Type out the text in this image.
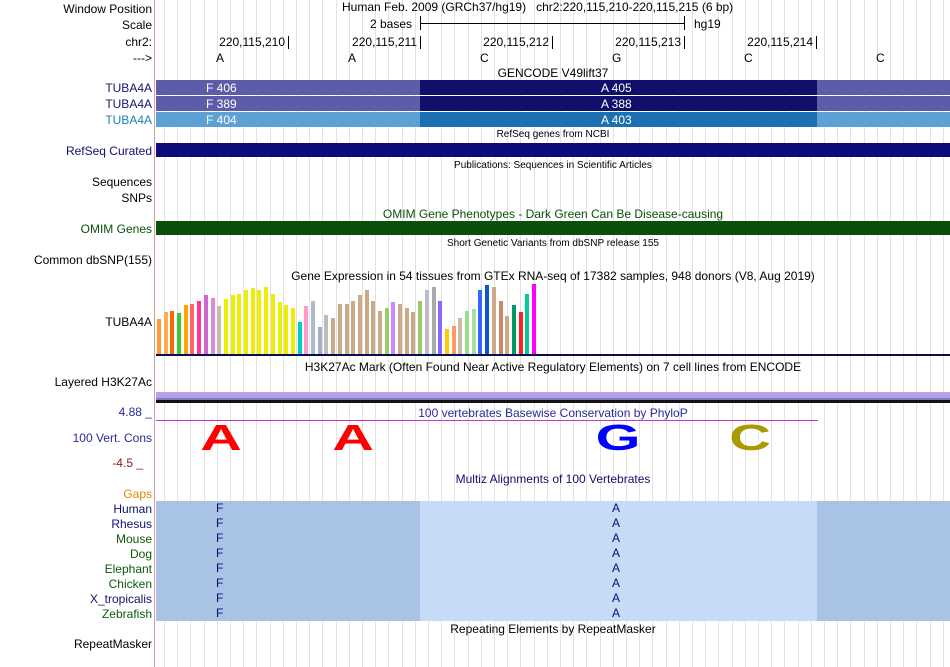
Window Position	Human Feb. 2009 (GRCh37/hg19) chr2:220,115,210-220,115,215 (6 bp)
Scale	2 bases	hg19
chr2:	220,115,210	220,115,211	220,115,212	220,115,213	220,115,214
--->	A	A	C	G	C	C
GENCODE V49lift37
TUBA4A	F 406	A 405
TUBA4A	F 389	A 388
TUBA4A	F 404	A 403
RefSeq genes from NCBI
RefSeq Curated
Publications: Sequences in Scientific Articles
Sequences
SNPs
OMIM Gene Phenotypes - Dark Green Can Be Disease-causing
OMIM Genes
Short Genetic Variants from dbSNP release 155
Common dbSNP(155)
Gene Expression in 54 tissues from GTEx RNA-seq of 17382 samples, 948 donors (V8, Aug 2019)
TUBA4A
H3K27Ac Mark (Often Found Near Active Regulatory Elements) on 7 cell lines from ENCODE
Layered H3K27Ac
4.88 _	100 vertebrates Basewise Conservation by PhyloP
100 Vert. Cons	A	A	G	C
-4.5 _
Multiz Alignments of 100 Vertebrates
Gaps
Human	F	A
Rhesus	F	A
Mouse	F	A
Dog	F	A
Elephant	F	A
Chicken	F	A
X_tropicalis	F	A
Zebrafish	F	A
Repeating Elements by RepeatMasker
RepeatMasker
